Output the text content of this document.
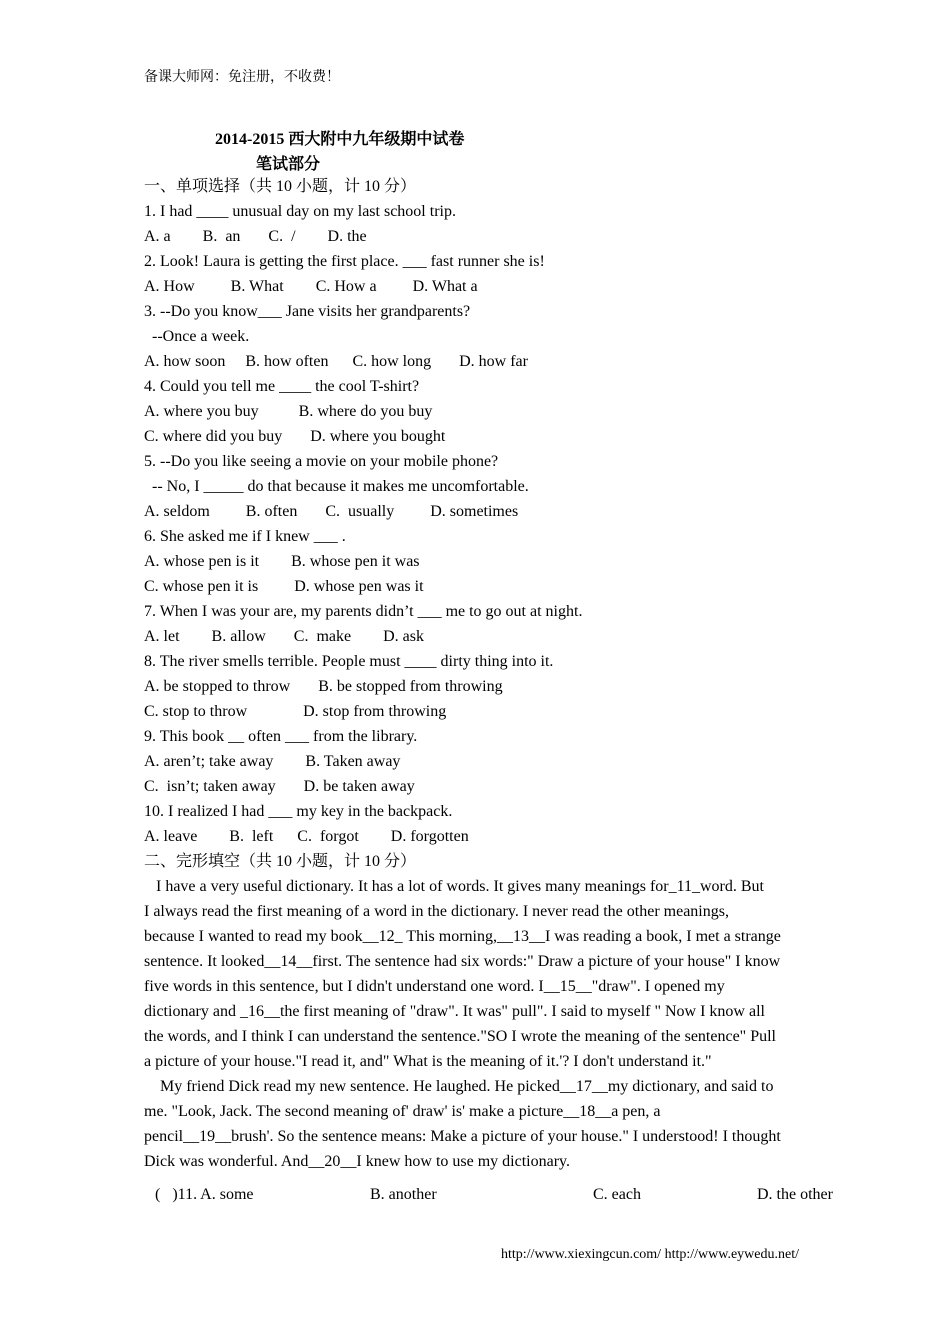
备课大师网：免注册，不收费！
2014-2015 西大附中九年级期中试卷
笔试部分
一、单项选择（共 10 小题，计 10 分）
1. I had ____ unusual day on my last school trip.
A. a        B.  an       C.  /        D. the
2. Look! Laura is getting the first place. ___ fast runner she is!
A. How         B. What        C. How a         D. What a
3. --Do you know___ Jane visits her grandparents?
--Once a week.
A. how soon     B. how often      C. how long       D. how far
4. Could you tell me ____ the cool T-shirt?
A. where you buy          B. where do you buy
C. where did you buy       D. where you bought
5. --Do you like seeing a movie on your mobile phone?
-- No, I _____ do that because it makes me uncomfortable.
A. seldom         B. often       C.  usually         D. sometimes
6. She asked me if I knew ___ .
A. whose pen is it        B. whose pen it was
C. whose pen it is         D. whose pen was it
7. When I was your are, my parents didn’t ___ me to go out at night.
A. let        B. allow       C.  make        D. ask
8. The river smells terrible. People must ____ dirty thing into it.
A. be stopped to throw       B. be stopped from throwing
C. stop to throw              D. stop from throwing
9. This book __ often ___ from the library.
A. aren’t; take away        B. Taken away
C.  isn’t; taken away       D. be taken away
10. I realized I had ___ my key in the backpack.
A. leave        B.  left      C.  forgot        D. forgotten
二、完形填空（共 10 小题，计 10 分）
I have a very useful dictionary. It has a lot of words. It gives many meanings for_11_word. But
I always read the first meaning of a word in the dictionary. I never read the other meanings,
because I wanted to read my book__12_ This morning,__13__I was reading a book, I met a strange
sentence. It looked__14__first. The sentence had six words:" Draw a picture of your house" I know
five words in this sentence, but I didn't understand one word. I__15__"draw". I opened my
dictionary and _16__the first meaning of "draw". It was" pull". I said to myself " Now I know all
the words, and I think I can understand the sentence."SO I wrote the meaning of the sentence" Pull
a picture of your house."I read it, and" What is the meaning of it.'? I don't understand it."
My friend Dick read my new sentence. He laughed. He picked__17__my dictionary, and said to
me. "Look, Jack. The second meaning of' draw' is' make a picture__18__a pen, a
pencil__19__brush'. So the sentence means: Make a picture of your house." I understood! I thought
Dick was wonderful. And__20__I knew how to use my dictionary.
(   )11. A. some	B. another	C. each	D. the other
http://www.xiexingcun.com/ http://www.eywedu.net/
